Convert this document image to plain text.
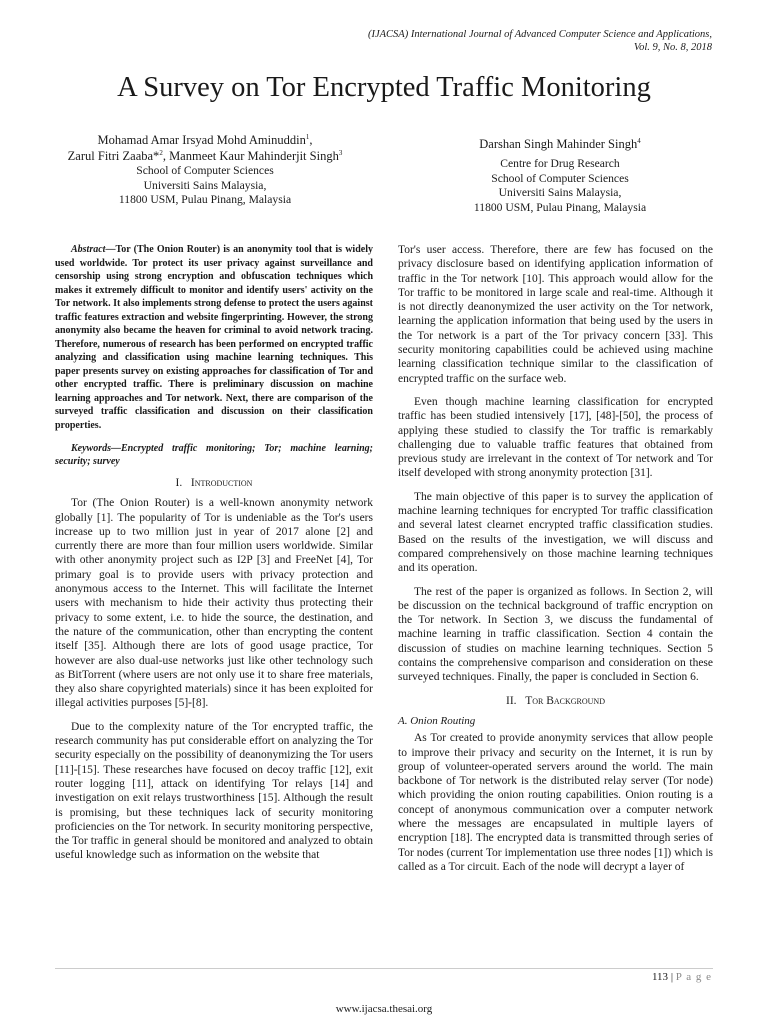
(IJACSA) International Journal of Advanced Computer Science and Applications,
Vol. 9, No. 8, 2018
A Survey on Tor Encrypted Traffic Monitoring
Mohamad Amar Irsyad Mohd Aminuddin$^1$,
Zarul Fitri Zaaba*$^2$, Manmeet Kaur Mahinderjit Singh$^3$
School of Computer Sciences
Universiti Sains Malaysia,
11800 USM, Pulau Pinang, Malaysia
Darshan Singh Mahinder Singh$^4$
Centre for Drug Research
School of Computer Sciences
Universiti Sains Malaysia,
11800 USM, Pulau Pinang, Malaysia
Abstract—Tor (The Onion Router) is an anonymity tool that is widely used worldwide. Tor protect its user privacy against surveillance and censorship using strong encryption and obfuscation techniques which makes it extremely difficult to monitor and identify users' activity on the Tor network. It also implements strong defense to protect the users against traffic features extraction and website fingerprinting. However, the strong anonymity also became the heaven for criminal to avoid network tracing. Therefore, numerous of research has been performed on encrypted traffic analyzing and classification using machine learning techniques. This paper presents survey on existing approaches for classification of Tor and other encrypted traffic. There is preliminary discussion on machine learning approaches and Tor network. Next, there are comparison of the surveyed traffic classification and discussion on their classification properties.
Keywords—Encrypted traffic monitoring; Tor; machine learning; security; survey
I. Introduction

Tor (The Onion Router) is a well-known anonymity network globally [1]. The popularity of Tor is undeniable as the Tor's users increase up to two million just in year of 2017 alone [2] and currently there are more than four million users worldwide. Similar with other anonymity project such as I2P [3] and FreeNet [4], Tor primary goal is to provide users with privacy protection and anonymous access to the Internet. This will facilitate the Internet users with mechanism to hide their activity thus protecting their privacy to some extent, i.e. to hide the source, the destination, and the nature of the communication, other than encrypting the content itself [35]. Although there are lots of good usage practice, Tor however are also dual-use networks just like other technology such as BitTorrent (where users are not only use it to share free materials, they also share copyrighted materials) since it has been exploited for illegal activities purposes [5]-[8].

Due to the complexity nature of the Tor encrypted traffic, the research community has put considerable effort on analyzing the Tor security especially on the possibility of deanonymizing the Tor users [11]-[15]. These researches have focused on decoy traffic [12], exit router logging [11], attack on identifying Tor relays [14] and investigation on exit relays trustworthiness [15]. Although the result is promising, but these techniques lack of security monitoring proficiencies on the Tor network. In security monitoring perspective, the Tor traffic in general should be monitored and analyzed to obtain useful knowledge such as information on the website that

Tor's user access. Therefore, there are few has focused on the privacy disclosure based on identifying application information of traffic in the Tor network [10]. This approach would allow for the Tor traffic to be monitored in large scale and real-time. Although it is not directly deanonymized the user activity on the Tor network, learning the application information that being used by the users in the Tor network is a part of the Tor privacy concern [33]. This security monitoring capabilities could be achieved using machine learning classification technique similar to the classification of encrypted traffic on the surface web.

Even though machine learning classification for encrypted traffic has been studied intensively [17], [48]-[50], the process of applying these studied to classify the Tor traffic is remarkably challenging due to valuable traffic features that obtained from previous study are irrelevant in the context of Tor network and Tor itself developed with strong anonymity protection [31].

The main objective of this paper is to survey the application of machine learning techniques for encrypted Tor traffic classification and several latest clearnet encrypted traffic classification studies. Based on the results of the investigation, we will discuss and compared comprehensively on those machine learning techniques and its operation.

The rest of the paper is organized as follows. In Section 2, will be discussion on the technical background of traffic encryption on the Tor network. In Section 3, we discuss the fundamental of machine learning in traffic classification. Section 4 contain the discussion of studies on machine learning techniques. Section 5 contains the comprehensive comparison and consideration on these surveyed techniques. Finally, the paper is concluded in Section 6.

II. Tor Background
A. Onion Routing

As Tor created to provide anonymity services that allow people to improve their privacy and security on the Internet, it is run by group of volunteer-operated servers around the world. The main backbone of Tor network is the distributed relay server (Tor node) which providing the onion routing capabilities. Onion routing is a concept of anonymous communication over a computer network where the messages are encapsulated in multiple layers of encryption [18]. The encrypted data is transmitted through series of Tor nodes (current Tor implementation use three nodes [1]) which is called as a Tor circuit. Each of the node will decrypt a layer of

113 | P a g e
www.ijacsa.thesai.org
